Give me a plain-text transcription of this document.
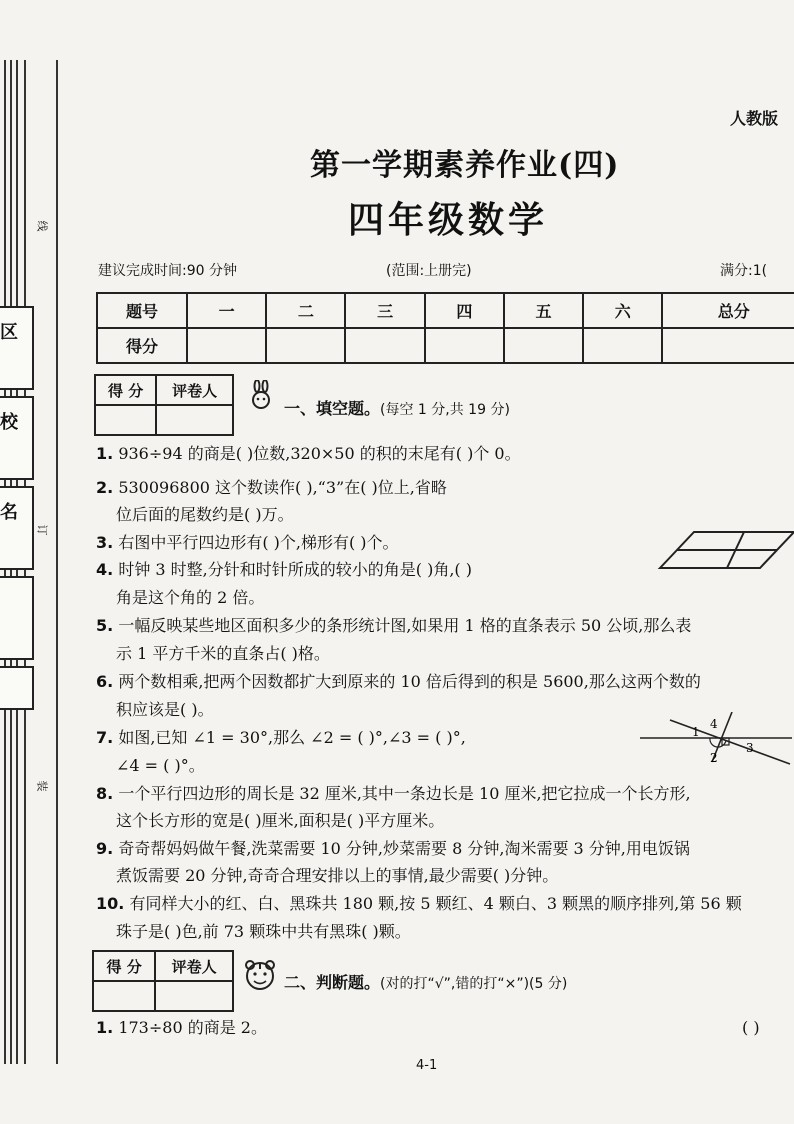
区
校
名
线
订
装
人教版
第一学期素养作业(四)
四年级数学
建议完成时间:90 分钟	(范围:上册完)	满分:1(
题号	一	二	三	四	五	六	总分
得分							
得 分	评卷人

一、填空题。(每空 1 分,共 19 分)
1. 936÷94 的商是( )位数,320×50 的积的末尾有( )个 0。
2. 530096800 这个数读作( ),“3”在( )位上,省略
位后面的尾数约是( )万。
3. 右图中平行四边形有( )个,梯形有( )个。
4. 时钟 3 时整,分针和时针所成的较小的角是( )角,( )
角是这个角的 2 倍。
5. 一幅反映某些地区面积多少的条形统计图,如果用 1 格的直条表示 50 公顷,那么表
示 1 平方千米的直条占( )格。
6. 两个数相乘,把两个因数都扩大到原来的 10 倍后得到的积是 5600,那么这两个数的
积应该是( )。
7. 如图,已知 ∠1 = 30°,那么 ∠2 = ( )°,∠3 = ( )°,
∠4 = ( )°。
8. 一个平行四边形的周长是 32 厘米,其中一条边长是 10 厘米,把它拉成一个长方形,
这个长方形的宽是( )厘米,面积是( )平方厘米。
9. 奇奇帮妈妈做午餐,洗菜需要 10 分钟,炒菜需要 8 分钟,淘米需要 3 分钟,用电饭锅
煮饭需要 20 分钟,奇奇合理安排以上的事情,最少需要( )分钟。
10. 有同样大小的红、白、黑珠共 180 颗,按 5 颗红、4 颗白、3 颗黑的顺序排列,第 56 颗
珠子是( )色,前 73 颗珠中共有黑珠( )颗。
1
2
3
4
得 分	评卷人

二、判断题。(对的打“√”,错的打“×”)(5 分)
1. 173÷80 的商是 2。	( )
4-1
